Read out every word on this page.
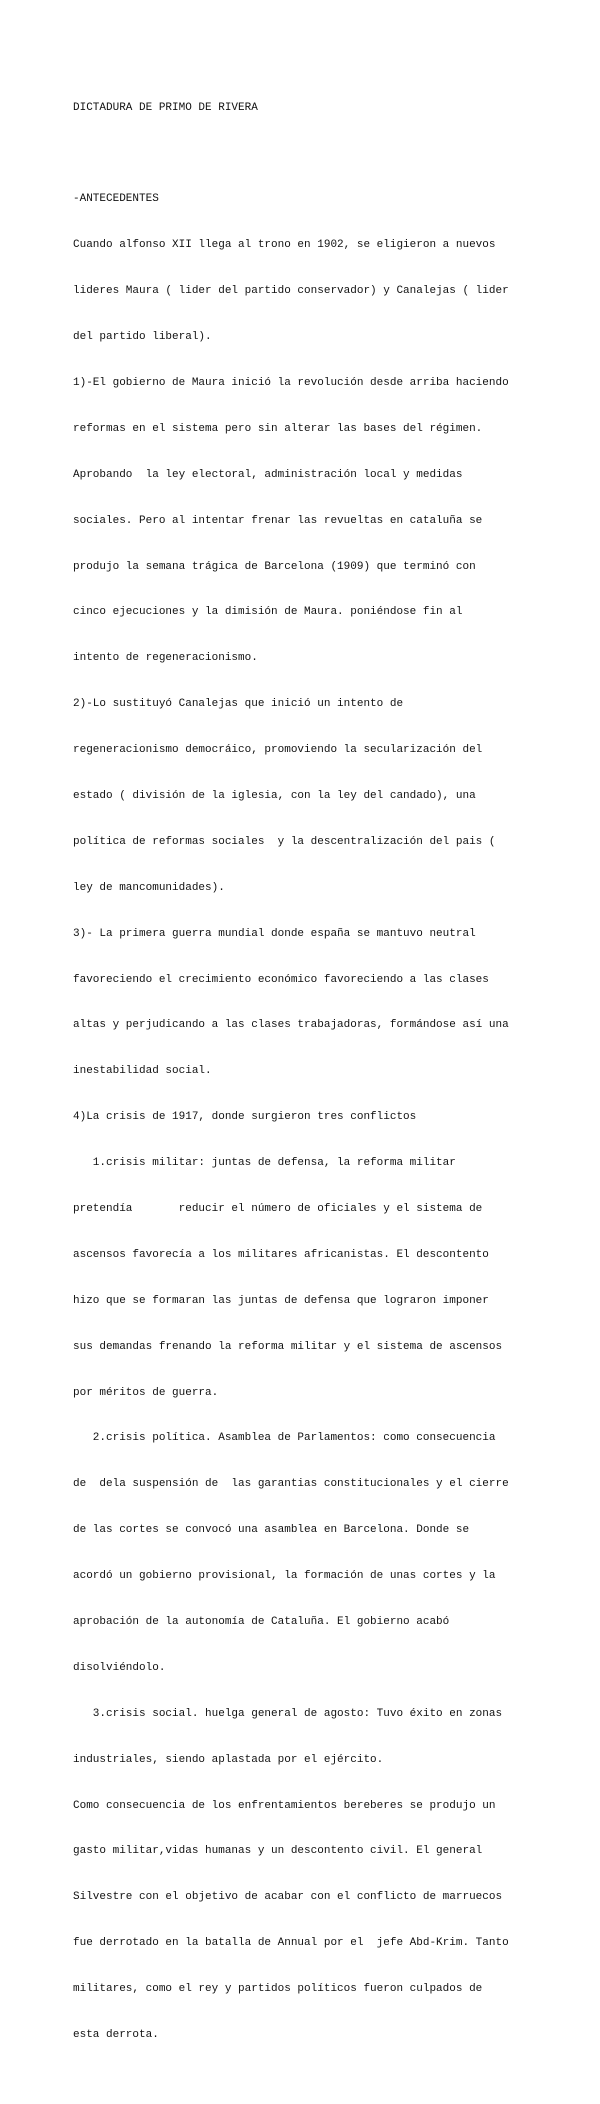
DICTADURA DE PRIMO DE RIVERA

-ANTECEDENTES

Cuando alfonso XII llega al trono en 1902, se eligieron a nuevos

lideres Maura ( lider del partido conservador) y Canalejas ( lider

del partido liberal).

1)-El gobierno de Maura inició la revolución desde arriba haciendo

reformas en el sistema pero sin alterar las bases del régimen.

Aprobando  la ley electoral, administración local y medidas

sociales. Pero al intentar frenar las revueltas en cataluña se

produjo la semana trágica de Barcelona (1909) que terminó con

cinco ejecuciones y la dimisión de Maura. poniéndose fin al

intento de regeneracionismo.

2)-Lo sustituyó Canalejas que inició un intento de

regeneracionismo democráico, promoviendo la secularización del

estado ( división de la iglesia, con la ley del candado), una

política de reformas sociales  y la descentralización del pais (

ley de mancomunidades).

3)- La primera guerra mundial donde españa se mantuvo neutral

favoreciendo el crecimiento económico favoreciendo a las clases

altas y perjudicando a las clases trabajadoras, formándose así una

inestabilidad social.

4)La crisis de 1917, donde surgieron tres conflictos

1.crisis militar: juntas de defensa, la reforma militar

pretendía       reducir el número de oficiales y el sistema de

ascensos favorecía a los militares africanistas. El descontento

hizo que se formaran las juntas de defensa que lograron imponer

sus demandas frenando la reforma militar y el sistema de ascensos

por méritos de guerra.

2.crisis política. Asamblea de Parlamentos: como consecuencia

de  dela suspensión de  las garantias constitucionales y el cierre

de las cortes se convocó una asamblea en Barcelona. Donde se

acordó un gobierno provisional, la formación de unas cortes y la

aprobación de la autonomía de Cataluña. El gobierno acabó

disolviéndolo.

3.crisis social. huelga general de agosto: Tuvo éxito en zonas

industriales, siendo aplastada por el ejército.

Como consecuencia de los enfrentamientos bereberes se produjo un

gasto militar,vidas humanas y un descontento civil. El general

Silvestre con el objetivo de acabar con el conflicto de marruecos

fue derrotado en la batalla de Annual por el  jefe Abd-Krim. Tanto

militares, como el rey y partidos políticos fueron culpados de

esta derrota.
